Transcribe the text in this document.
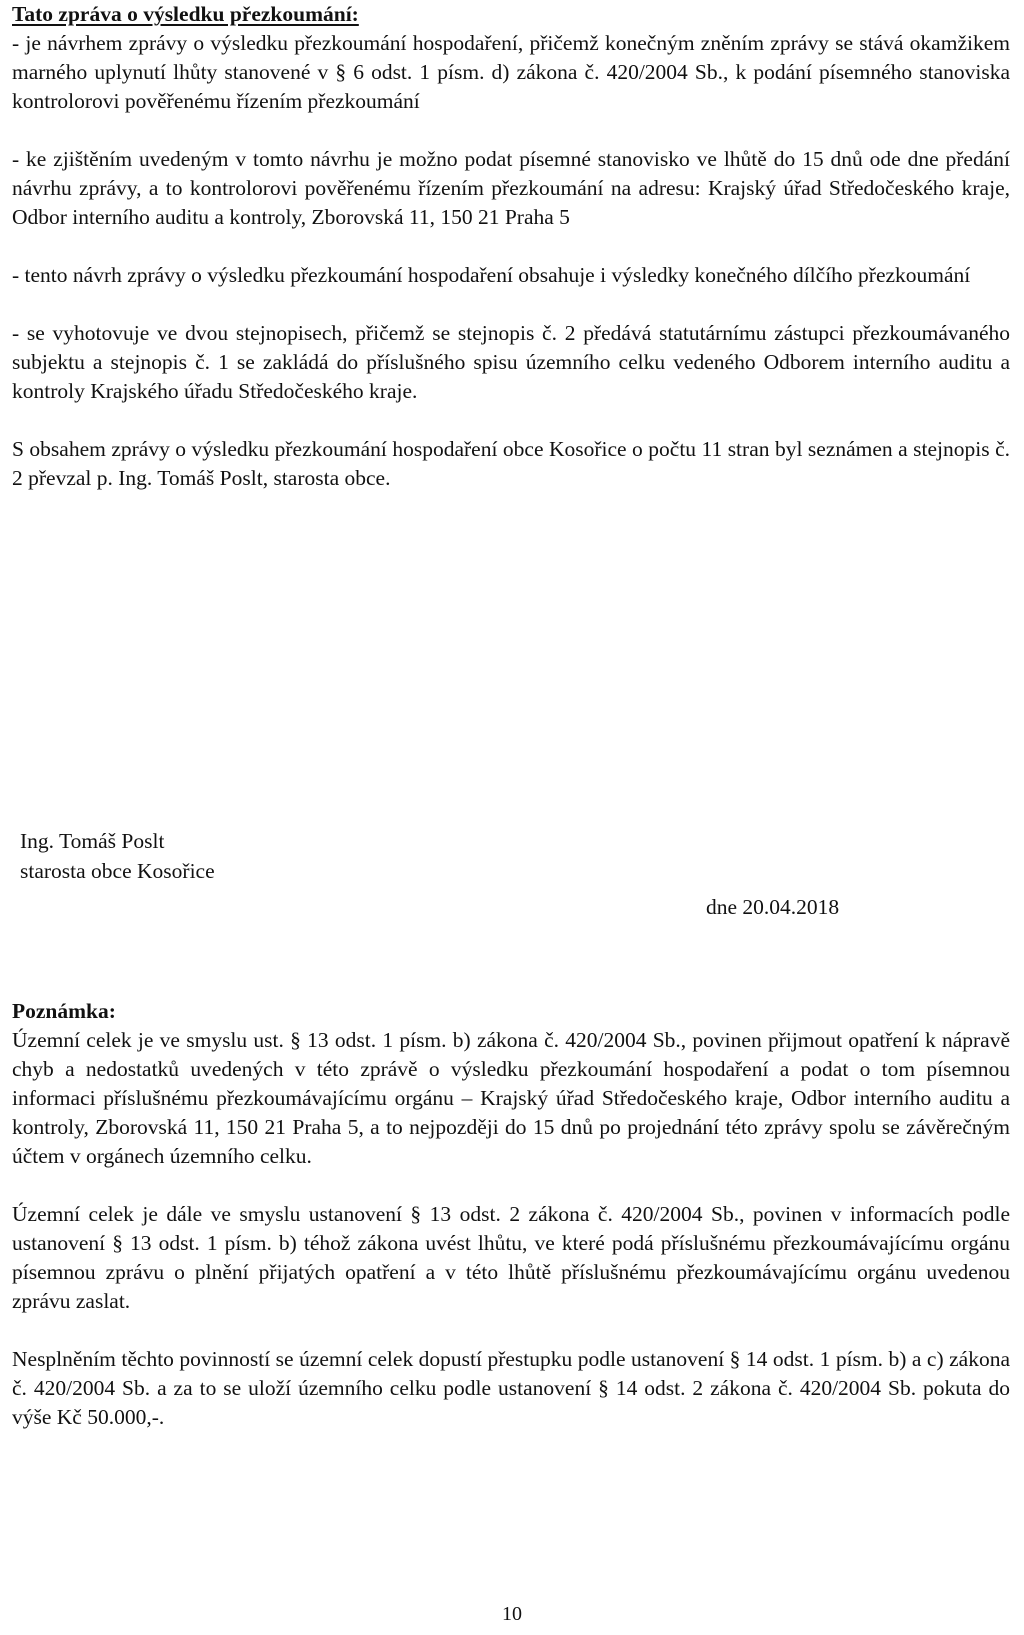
Tato zpráva o výsledku přezkoumání:

- je návrhem zprávy o výsledku přezkoumání hospodaření, přičemž konečným zněním zprávy se stává okamžikem marného uplynutí lhůty stanovené v § 6 odst. 1 písm. d) zákona č. 420/2004 Sb., k podání písemného stanoviska kontrolorovi pověřenému řízením přezkoumání

- ke zjištěním uvedeným v tomto návrhu je možno podat písemné stanovisko ve lhůtě do 15 dnů ode dne předání návrhu zprávy, a to kontrolorovi pověřenému řízením přezkoumání na adresu: Krajský úřad Středočeského kraje, Odbor interního auditu a kontroly, Zborovská 11, 150 21 Praha 5

- tento návrh zprávy o výsledku přezkoumání hospodaření obsahuje i výsledky konečného dílčího přezkoumání

- se vyhotovuje ve dvou stejnopisech, přičemž se stejnopis č. 2 předává statutárnímu zástupci přezkoumávaného subjektu a stejnopis č. 1 se zakládá do příslušného spisu územního celku vedeného Odborem interního auditu a kontroly Krajského úřadu Středočeského kraje.

S obsahem zprávy o výsledku přezkoumání hospodaření obce Kosořice o počtu 11 stran byl seznámen a stejnopis č. 2 převzal p. Ing. Tomáš Poslt, starosta obce.

Ing. Tomáš Poslt
starosta obce Kosořice
dne 20.04.2018

Poznámka:

Územní celek je ve smyslu ust. § 13 odst. 1 písm. b) zákona č. 420/2004 Sb., povinen přijmout opatření k nápravě chyb a nedostatků uvedených v této zprávě o výsledku přezkoumání hospodaření a podat o tom písemnou informaci příslušnému přezkoumávajícímu orgánu – Krajský úřad Středočeského kraje, Odbor interního auditu a kontroly, Zborovská 11, 150 21 Praha 5, a to nejpozději do 15 dnů po projednání této zprávy spolu se závěrečným účtem v orgánech územního celku.

Územní celek je dále ve smyslu ustanovení § 13 odst. 2 zákona č. 420/2004 Sb., povinen v informacích podle ustanovení § 13 odst. 1 písm. b) téhož zákona uvést lhůtu, ve které podá příslušnému přezkoumávajícímu orgánu písemnou zprávu o plnění přijatých opatření a v této lhůtě příslušnému přezkoumávajícímu orgánu uvedenou zprávu zaslat.

Nesplněním těchto povinností se územní celek dopustí přestupku podle ustanovení § 14 odst. 1 písm. b) a c) zákona č. 420/2004 Sb. a za to se uloží územního celku podle ustanovení § 14 odst. 2 zákona č. 420/2004 Sb. pokuta do výše Kč 50.000,-.

10
